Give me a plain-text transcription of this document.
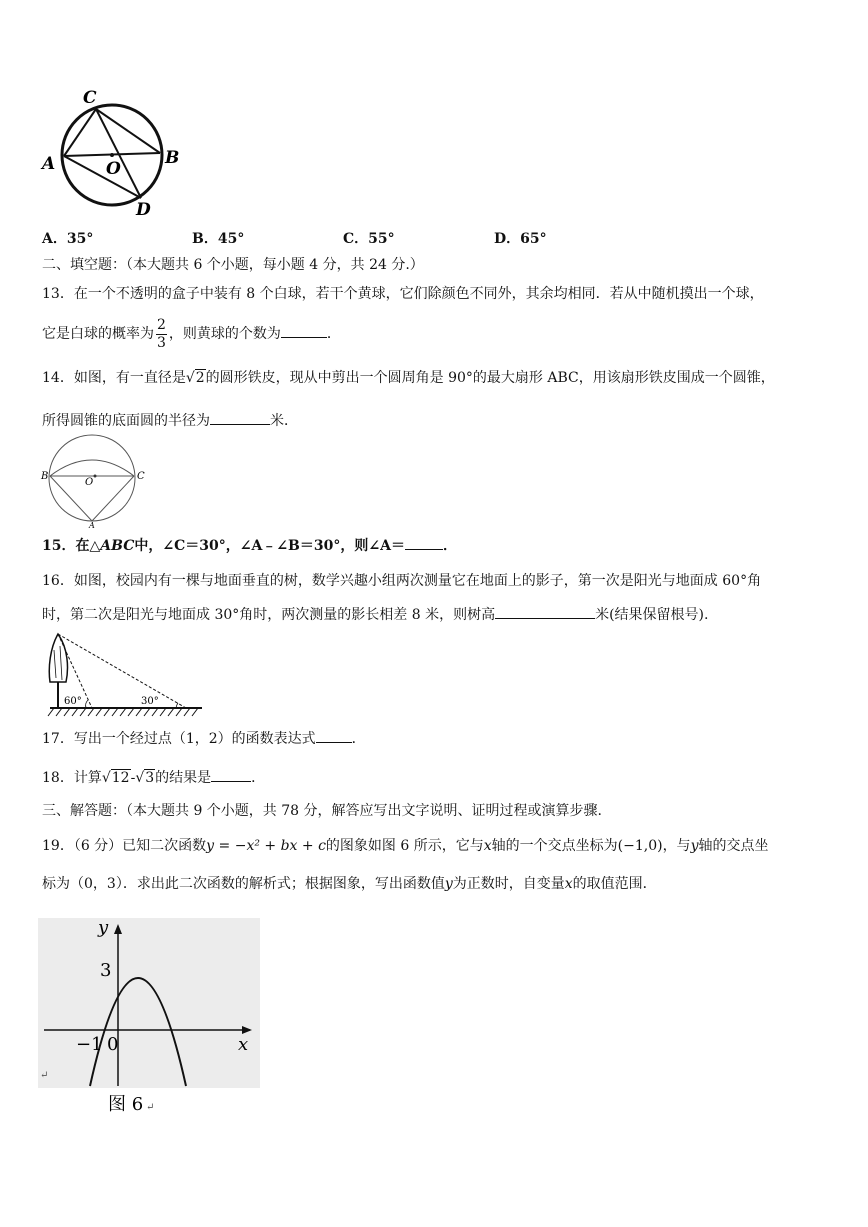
C
A	B
O
D
A．35°	B．45°	C．55°	D．65°
二、填空题：（本大题共 6 个小题，每小题 4 分，共 24 分.）
13．在一个不透明的盒子中装有 8 个白球，若干个黄球，它们除颜色不同外，其余均相同．若从中随机摸出一个球，
它是白球的概率为 $\frac{2}{3}$ ，则黄球的个数为	．
14．如图，有一直径是√2的圆形铁皮，现从中剪出一个圆周角是 90°的最大扇形 ABC，用该扇形铁皮围成一个圆锥，
所得圆锥的底面圆的半径为	米．
B	C
O
A
15．在△ABC中，∠C＝30°，∠A﹣∠B＝30°，则∠A＝	．
16．如图，校园内有一棵与地面垂直的树，数学兴趣小组两次测量它在地面上的影子，第一次是阳光与地面成 60°角
时，第二次是阳光与地面成 30°角时，两次测量的影长相差 8 米，则树高	米(结果保留根号).
60°	30°
17．写出一个经过点（1，2）的函数表达式	．
18．计算√12-√3的结果是	．
三、解答题：（本大题共 9 个小题，共 78 分，解答应写出文字说明、证明过程或演算步骤.
19．（6 分）已知二次函数y = −x² + bx + c的图象如图 6 所示，它与x轴的一个交点坐标为(−1,0)，与y轴的交点坐
标为（0，3）．求出此二次函数的解析式；根据图象，写出函数值y为正数时，自变量x的取值范围．
y
x
3
−1 0
↵
图 6 ↵
